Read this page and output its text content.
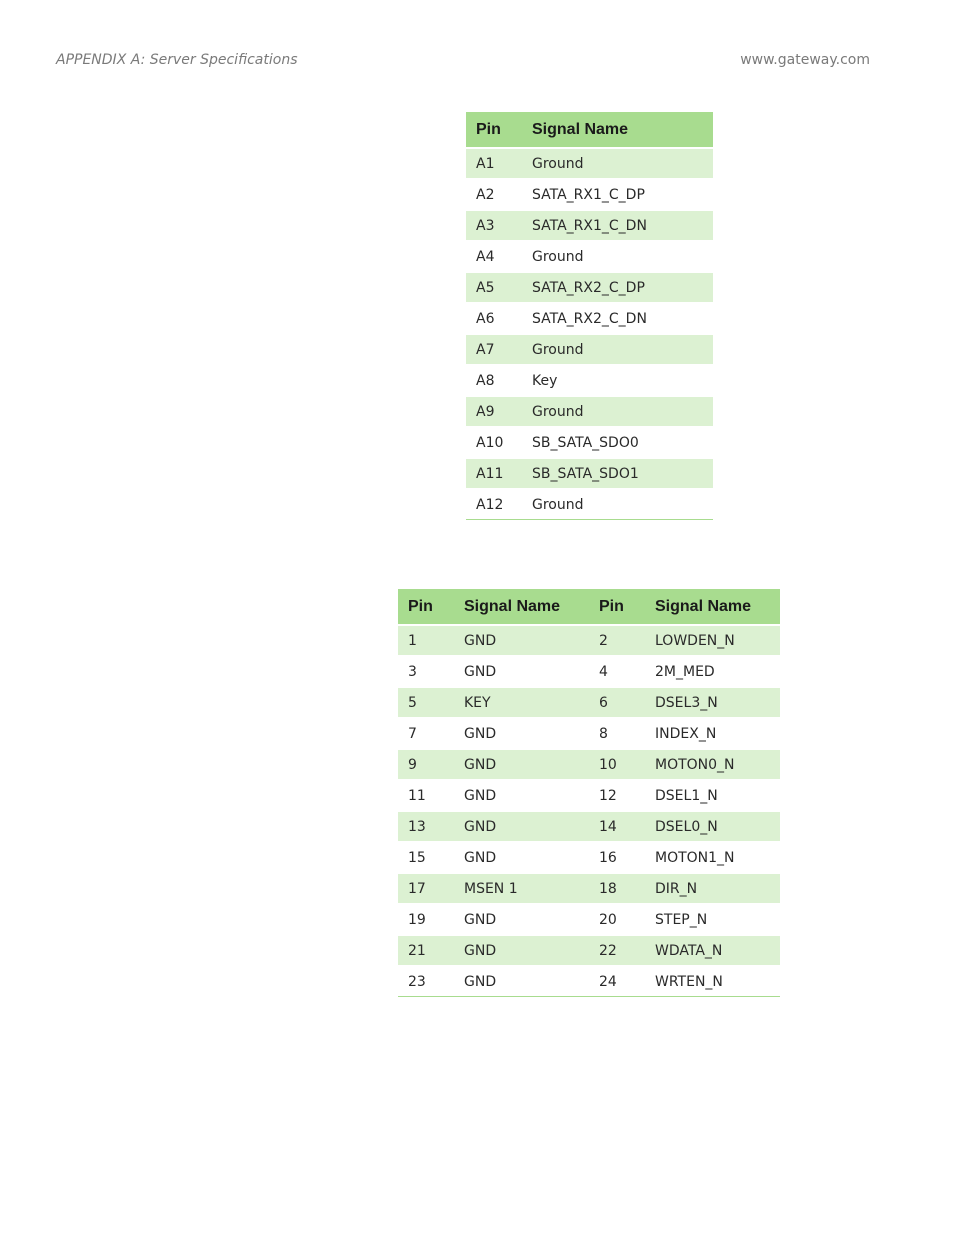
APPENDIX A: Server Specifications	www.gateway.com
Pin	Signal Name
A1	Ground
A2	SATA_RX1_C_DP
A3	SATA_RX1_C_DN
A4	Ground
A5	SATA_RX2_C_DP
A6	SATA_RX2_C_DN
A7	Ground
A8	Key
A9	Ground
A10	SB_SATA_SDO0
A11	SB_SATA_SDO1
A12	Ground
Pin	Signal Name	Pin	Signal Name
1	GND	2	LOWDEN_N
3	GND	4	2M_MED
5	KEY	6	DSEL3_N
7	GND	8	INDEX_N
9	GND	10	MOTON0_N
11	GND	12	DSEL1_N
13	GND	14	DSEL0_N
15	GND	16	MOTON1_N
17	MSEN 1	18	DIR_N
19	GND	20	STEP_N
21	GND	22	WDATA_N
23	GND	24	WRTEN_N
